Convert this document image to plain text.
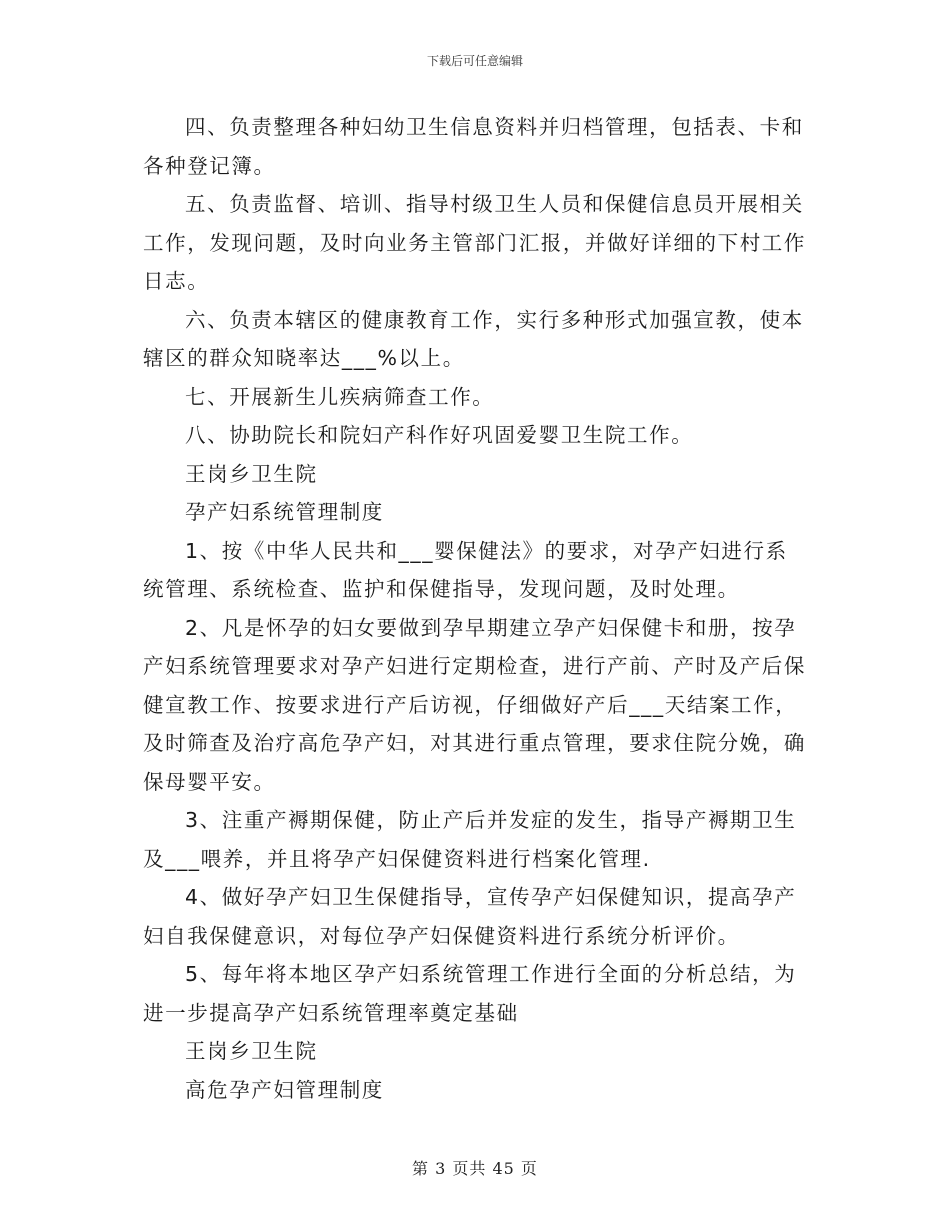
下载后可任意编辑

四、负责整理各种妇幼卫生信息资料并归档管理，包括表、卡和各种登记簿。

五、负责监督、培训、指导村级卫生人员和保健信息员开展相关工作，发现问题，及时向业务主管部门汇报，并做好详细的下村工作日志。

六、负责本辖区的健康教育工作，实行多种形式加强宣教，使本辖区的群众知晓率达___%以上。

七、开展新生儿疾病筛查工作。

八、协助院长和院妇产科作好巩固爱婴卫生院工作。

王岗乡卫生院

孕产妇系统管理制度

1、按《中华人民共和___婴保健法》的要求，对孕产妇进行系统管理、系统检查、监护和保健指导，发现问题，及时处理。

2、凡是怀孕的妇女要做到孕早期建立孕产妇保健卡和册，按孕产妇系统管理要求对孕产妇进行定期检查，进行产前、产时及产后保健宣教工作、按要求进行产后访视，仔细做好产后___天结案工作，及时筛查及治疗高危孕产妇，对其进行重点管理，要求住院分娩，确保母婴平安。

3、注重产褥期保健，防止产后并发症的发生，指导产褥期卫生及___喂养，并且将孕产妇保健资料进行档案化管理.

4、做好孕产妇卫生保健指导，宣传孕产妇保健知识，提高孕产妇自我保健意识，对每位孕产妇保健资料进行系统分析评价。

5、每年将本地区孕产妇系统管理工作进行全面的分析总结，为进一步提高孕产妇系统管理率奠定基础

王岗乡卫生院

高危孕产妇管理制度

第 3 页共 45 页
